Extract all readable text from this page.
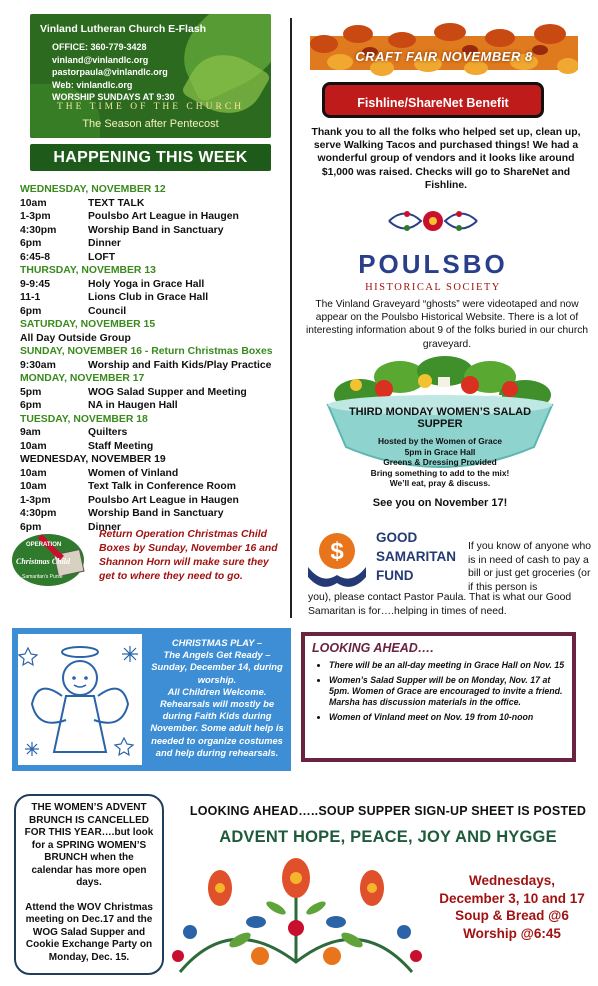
Vinland Lutheran Church E-Flash
OFFICE: 360-779-3428
vinland@vinlandlc.org
pastorpaula@vinlandlc.org
Web: vinlandlc.org
WORSHIP SUNDAYS AT 9:30
THE TIME OF THE CHURCH
The Season after Pentecost
HAPPENING THIS WEEK
WEDNESDAY, NOVEMBER 12
10am	TEXT TALK
1-3pm	Poulsbo Art League in Haugen
4:30pm	Worship Band in Sanctuary
6pm	Dinner
6:45-8	LOFT
THURSDAY, NOVEMBER 13
9-9:45	Holy Yoga in Grace Hall
11-1	Lions Club in Grace Hall
6pm	Council
SATURDAY, NOVEMBER 15
All Day Outside Group
SUNDAY, NOVEMBER 16 - Return Christmas Boxes
9:30am	Worship and Faith Kids/Play Practice
MONDAY, NOVEMBER 17
5pm	WOG Salad Supper and Meeting
6pm	NA in Haugen Hall
TUESDAY, NOVEMBER 18
9am	Quilters
10am	Staff Meeting
WEDNESDAY, NOVEMBER 19
10am	Women of Vinland
10am	Text Talk in Conference Room
1-3pm	Poulsbo Art League in Haugen
4:30pm	Worship Band in Sanctuary
6pm	Dinner
OPERATION
Christmas Child
Samaritan's Purse
Return Operation Christmas Child Boxes by Sunday, November 16 and Shannon Horn will make sure they get to where they need to go.
CHRISTMAS PLAY –
The Angels Get Ready –
Sunday, December 14, during worship.
All Children Welcome.
Rehearsals will mostly be during Faith Kids during November. Some adult help is needed to organize costumes and help during rehearsals.
THE WOMEN’S ADVENT BRUNCH IS CANCELLED FOR THIS YEAR….but look for a SPRING WOMEN’S BRUNCH when the calendar has more open days.
Attend the WOV Christmas meeting on Dec.17 and the WOG Salad Supper and Cookie Exchange Party on Monday, Dec. 15.
CRAFT FAIR NOVEMBER 8
Fishline/ShareNet Benefit
Thank you to all the folks who helped set up, clean up, serve Walking Tacos and purchased things! We had a wonderful group of vendors and it looks like around $1,000 was raised. Checks will go to ShareNet and Fishline.
POULSBO
HISTORICAL SOCIETY
The Vinland Graveyard “ghosts” were videotaped and now appear on the Poulsbo Historical Website. There is a lot of interesting information about 9 of the folks buried in our church graveyard.
THIRD MONDAY WOMEN’S SALAD SUPPER
Hosted by the Women of Grace
5pm in Grace Hall
Greens & Dressing Provided
Bring something to add to the mix!
We’ll eat, pray & discuss.
See you on November 17!
$
GOOD
SAMARITAN
FUND
If you know of anyone who is in need of cash to pay a bill or just get groceries (or if this person is
you), please contact Pastor Paula. That is what our Good Samaritan is for….helping in times of need.
LOOKING AHEAD….
• There will be an all-day meeting in Grace Hall on Nov. 15
• Women’s Salad Supper will be on Monday, Nov. 17 at 5pm. Women of Grace are encouraged to invite a friend. Marsha has discussion materials in the office.
• Women of Vinland meet on Nov. 19 from 10-noon
LOOKING AHEAD…..SOUP SUPPER SIGN-UP SHEET IS POSTED
ADVENT HOPE, PEACE, JOY AND HYGGE
Wednesdays,
December 3, 10 and 17
Soup & Bread @6
Worship @6:45
